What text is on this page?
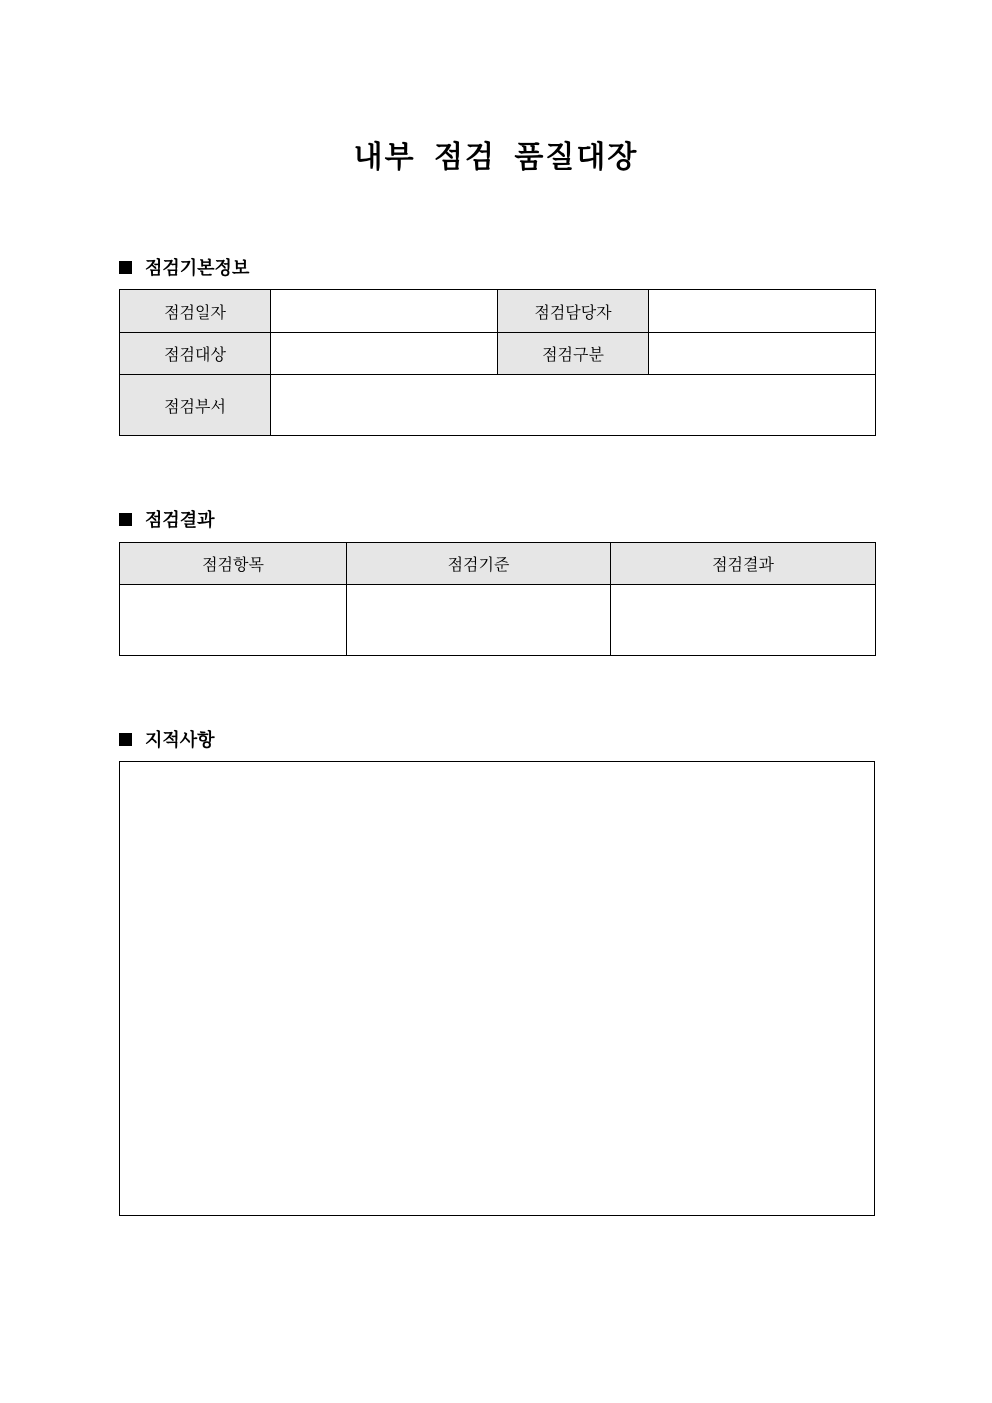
내부 점검 품질대장
점검기본정보
점검일자		점검담당자	
점검대상		점검구분	
점검부서			
점검결과
점검항목	점검기준	점검결과

지적사항
